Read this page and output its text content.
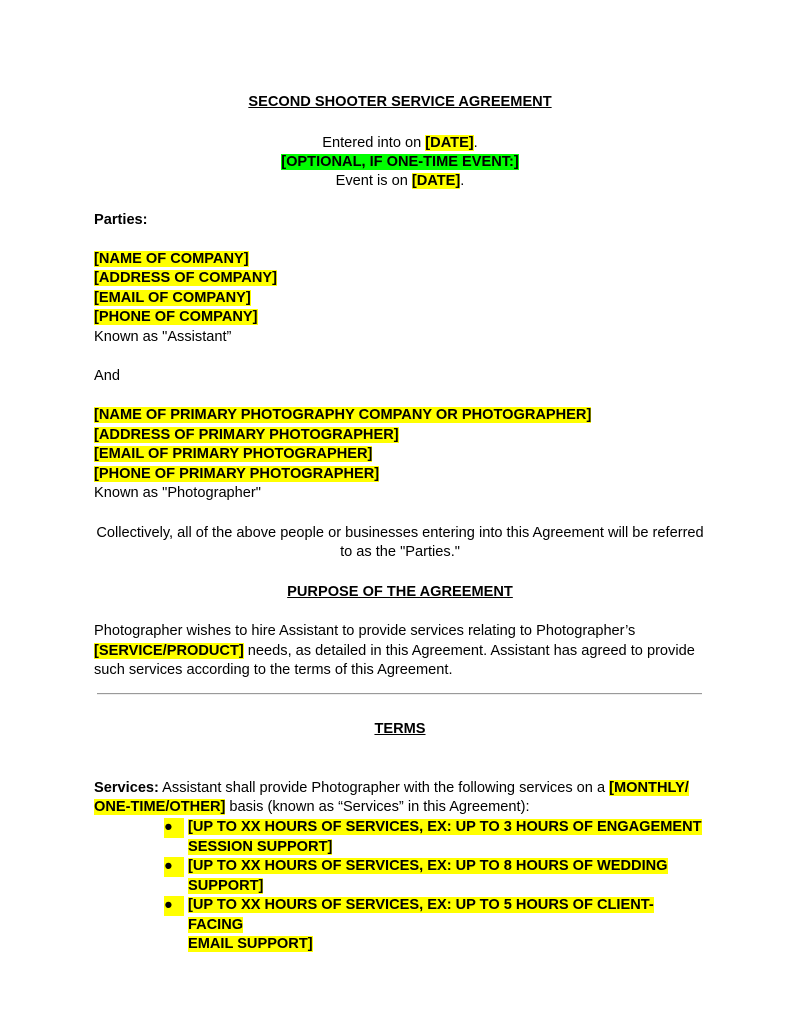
SECOND SHOOTER SERVICE AGREEMENT
Entered into on [DATE].
[OPTIONAL, IF ONE-TIME EVENT:]
Event is on [DATE].
Parties:
[NAME OF COMPANY]
[ADDRESS OF COMPANY]
[EMAIL OF COMPANY]
[PHONE OF COMPANY]
Known as "Assistant”
And
[NAME OF PRIMARY PHOTOGRAPHY COMPANY OR PHOTOGRAPHER]
[ADDRESS OF PRIMARY PHOTOGRAPHER]
[EMAIL OF PRIMARY PHOTOGRAPHER]
[PHONE OF PRIMARY PHOTOGRAPHER]
Known as "Photographer"
Collectively, all of the above people or businesses entering into this Agreement will be referred
to as the "Parties."
PURPOSE OF THE AGREEMENT
Photographer wishes to hire Assistant to provide services relating to Photographer’s
[SERVICE/PRODUCT] needs, as detailed in this Agreement. Assistant has agreed to provide
such services according to the terms of this Agreement.
TERMS
Services: Assistant shall provide Photographer with the following services on a [MONTHLY/
ONE-TIME/OTHER] basis (known as “Services” in this Agreement):
●	[UP TO XX HOURS OF SERVICES, EX: UP TO 3 HOURS OF ENGAGEMENT
SESSION SUPPORT]
●	[UP TO XX HOURS OF SERVICES, EX: UP TO 8 HOURS OF WEDDING
SUPPORT]
●	[UP TO XX HOURS OF SERVICES, EX: UP TO 5 HOURS OF CLIENT-FACING
EMAIL SUPPORT]
